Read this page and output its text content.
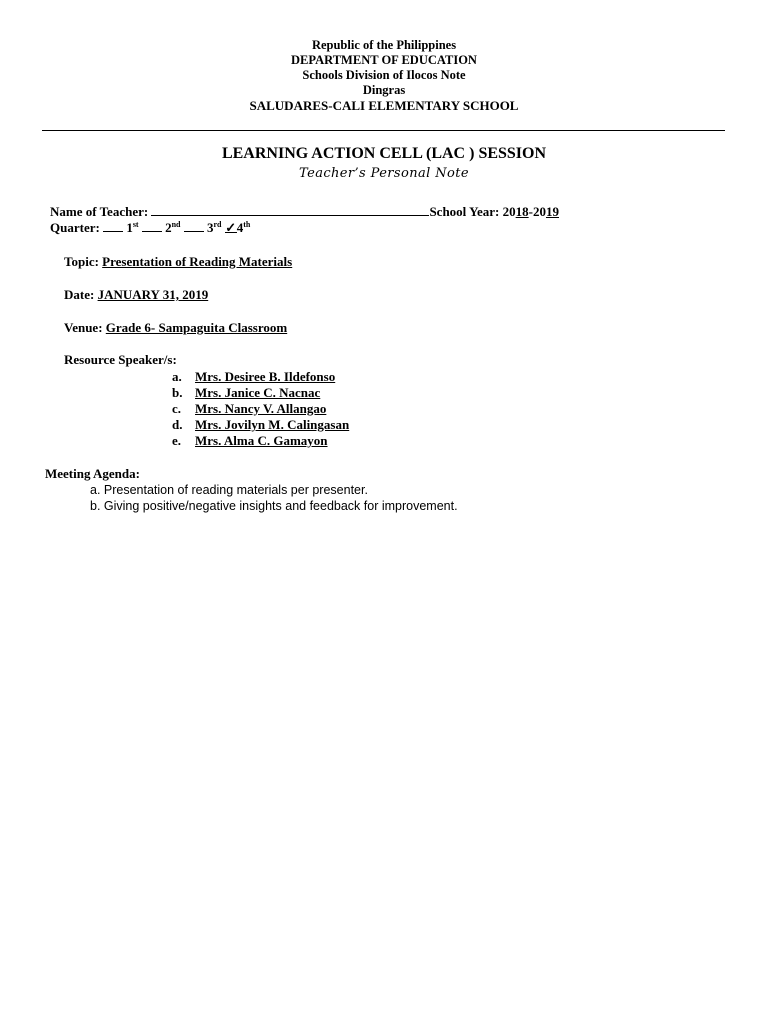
Republic of the Philippines
DEPARTMENT OF EDUCATION
Schools Division of Ilocos Note
Dingras
SALUDARES-CALI ELEMENTARY SCHOOL
LEARNING ACTION CELL (LAC ) SESSION
Teacher’s Personal Note
Name of Teacher:	School Year: 2018-2019
Quarter: 1st 2nd 3rd ✓4th
Topic: Presentation of Reading Materials
Date: JANUARY 31, 2019
Venue: Grade 6- Sampaguita Classroom
Resource Speaker/s:
a. Mrs. Desiree B. Ildefonso
b. Mrs. Janice C. Nacnac
c. Mrs. Nancy V. Allangao
d. Mrs. Jovilyn M. Calingasan
e. Mrs. Alma C. Gamayon
Meeting Agenda:
a. Presentation of reading materials per presenter.
b. Giving positive/negative insights and feedback for improvement.
